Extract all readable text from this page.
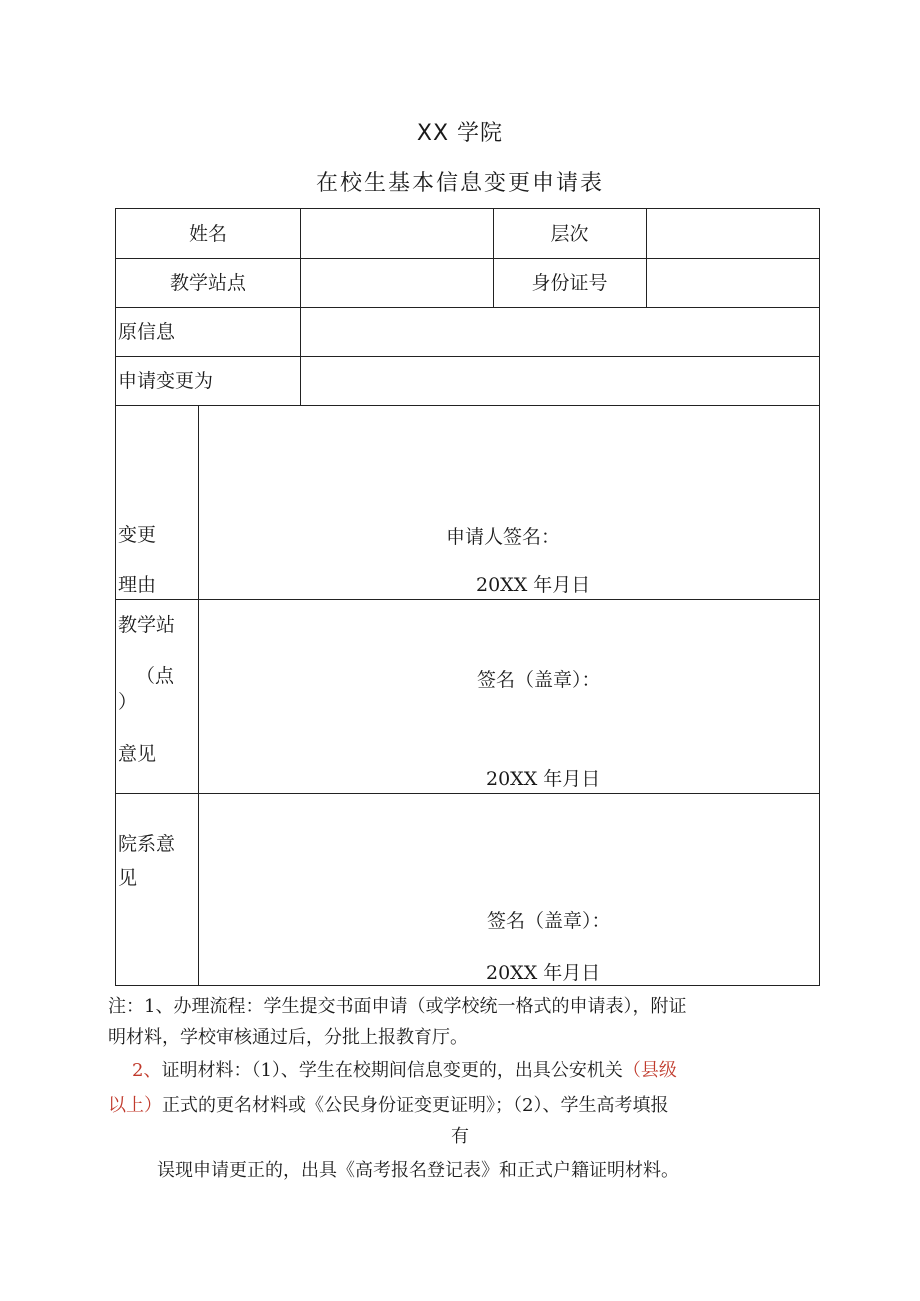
XX 学院
在校生基本信息变更申请表
姓名	层次
教学站点	身份证号
原信息
申请变更为
变更
理由
申请人签名：
20XX 年月日
教学站
（点
）
意见
签名（盖章）：
20XX 年月日
院系意
见
签名（盖章）：
20XX 年月日
注：1、办理流程：学生提交书面申请（或学校统一格式的申请表），附证
明材料，学校审核通过后，分批上报教育厅。
2、证明材料：（1）、学生在校期间信息变更的，出具公安机关（县级
以上）正式的更名材料或《公民身份证变更证明》；（2）、学生高考填报
有
误现申请更正的，出具《高考报名登记表》和正式户籍证明材料。
